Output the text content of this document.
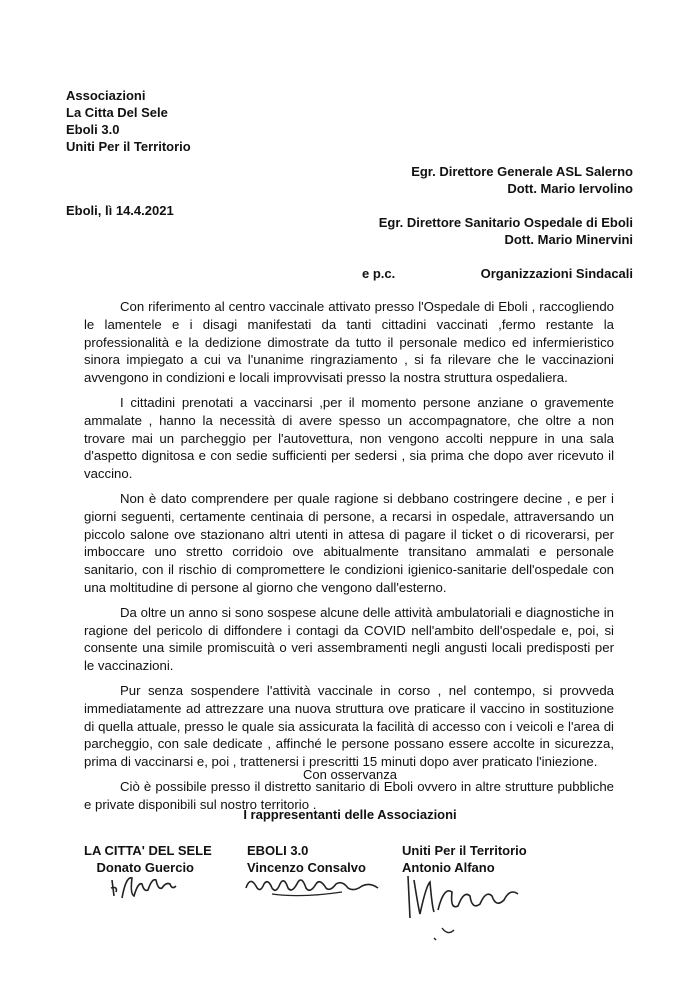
Associazioni
La Citta Del Sele
Eboli 3.0
Uniti Per il Territorio
Egr. Direttore Generale ASL Salerno
Dott. Mario Iervolino
Eboli, lì 14.4.2021
Egr. Direttore Sanitario Ospedale di Eboli
Dott. Mario Minervini
e p.c.	Organizzazioni Sindacali

Con riferimento al centro vaccinale attivato presso l'Ospedale di Eboli , raccogliendo le lamentele e i disagi manifestati da tanti cittadini vaccinati ,fermo restante la professionalità e la dedizione dimostrate da tutto il personale medico ed infermieristico sinora impiegato a cui va l'unanime ringraziamento , si fa rilevare che le vaccinazioni avvengono in condizioni e locali improvvisati presso la nostra struttura ospedaliera.

I cittadini prenotati a vaccinarsi ,per il momento persone anziane o gravemente ammalate , hanno la necessità di avere spesso un accompagnatore, che oltre a non trovare mai un parcheggio per l'autovettura, non vengono accolti neppure in una sala d'aspetto dignitosa e con sedie sufficienti per sedersi , sia prima che dopo aver ricevuto il vaccino.

Non è dato comprendere per quale ragione si debbano costringere decine , e per i giorni seguenti, certamente centinaia di persone, a recarsi in ospedale, attraversando un piccolo salone ove stazionano altri utenti in attesa di pagare il ticket o di ricoverarsi, per imboccare uno stretto corridoio ove abitualmente transitano ammalati e personale sanitario, con il rischio di compromettere le condizioni igienico-sanitarie dell'ospedale con una moltitudine di persone al giorno che vengono dall'esterno.

Da oltre un anno si sono sospese alcune delle attività ambulatoriali e diagnostiche in ragione del pericolo di diffondere i contagi da COVID nell'ambito dell'ospedale e, poi, si consente una simile promiscuità o veri assembramenti negli angusti locali predisposti per le vaccinazioni.

Pur senza sospendere l'attività vaccinale in corso , nel contempo, si provveda immediatamente ad attrezzare una nuova struttura ove praticare il vaccino in sostituzione di quella attuale, presso le quale sia assicurata la facilità di accesso con i veicoli e l'area di parcheggio, con sale dedicate , affinché le persone possano essere accolte in sicurezza, prima di vaccinarsi e, poi , trattenersi i prescritti 15 minuti dopo aver praticato l'iniezione.

Ciò è possibile presso il distretto sanitario di Eboli ovvero in altre strutture pubbliche e private disponibili sul nostro territorio .

Con osservanza
I rappresentanti delle Associazioni
LA CITTA' DEL SELE
Donato Guercio
EBOLI 3.0
Vincenzo Consalvo
Uniti Per il Territorio
Antonio Alfano
